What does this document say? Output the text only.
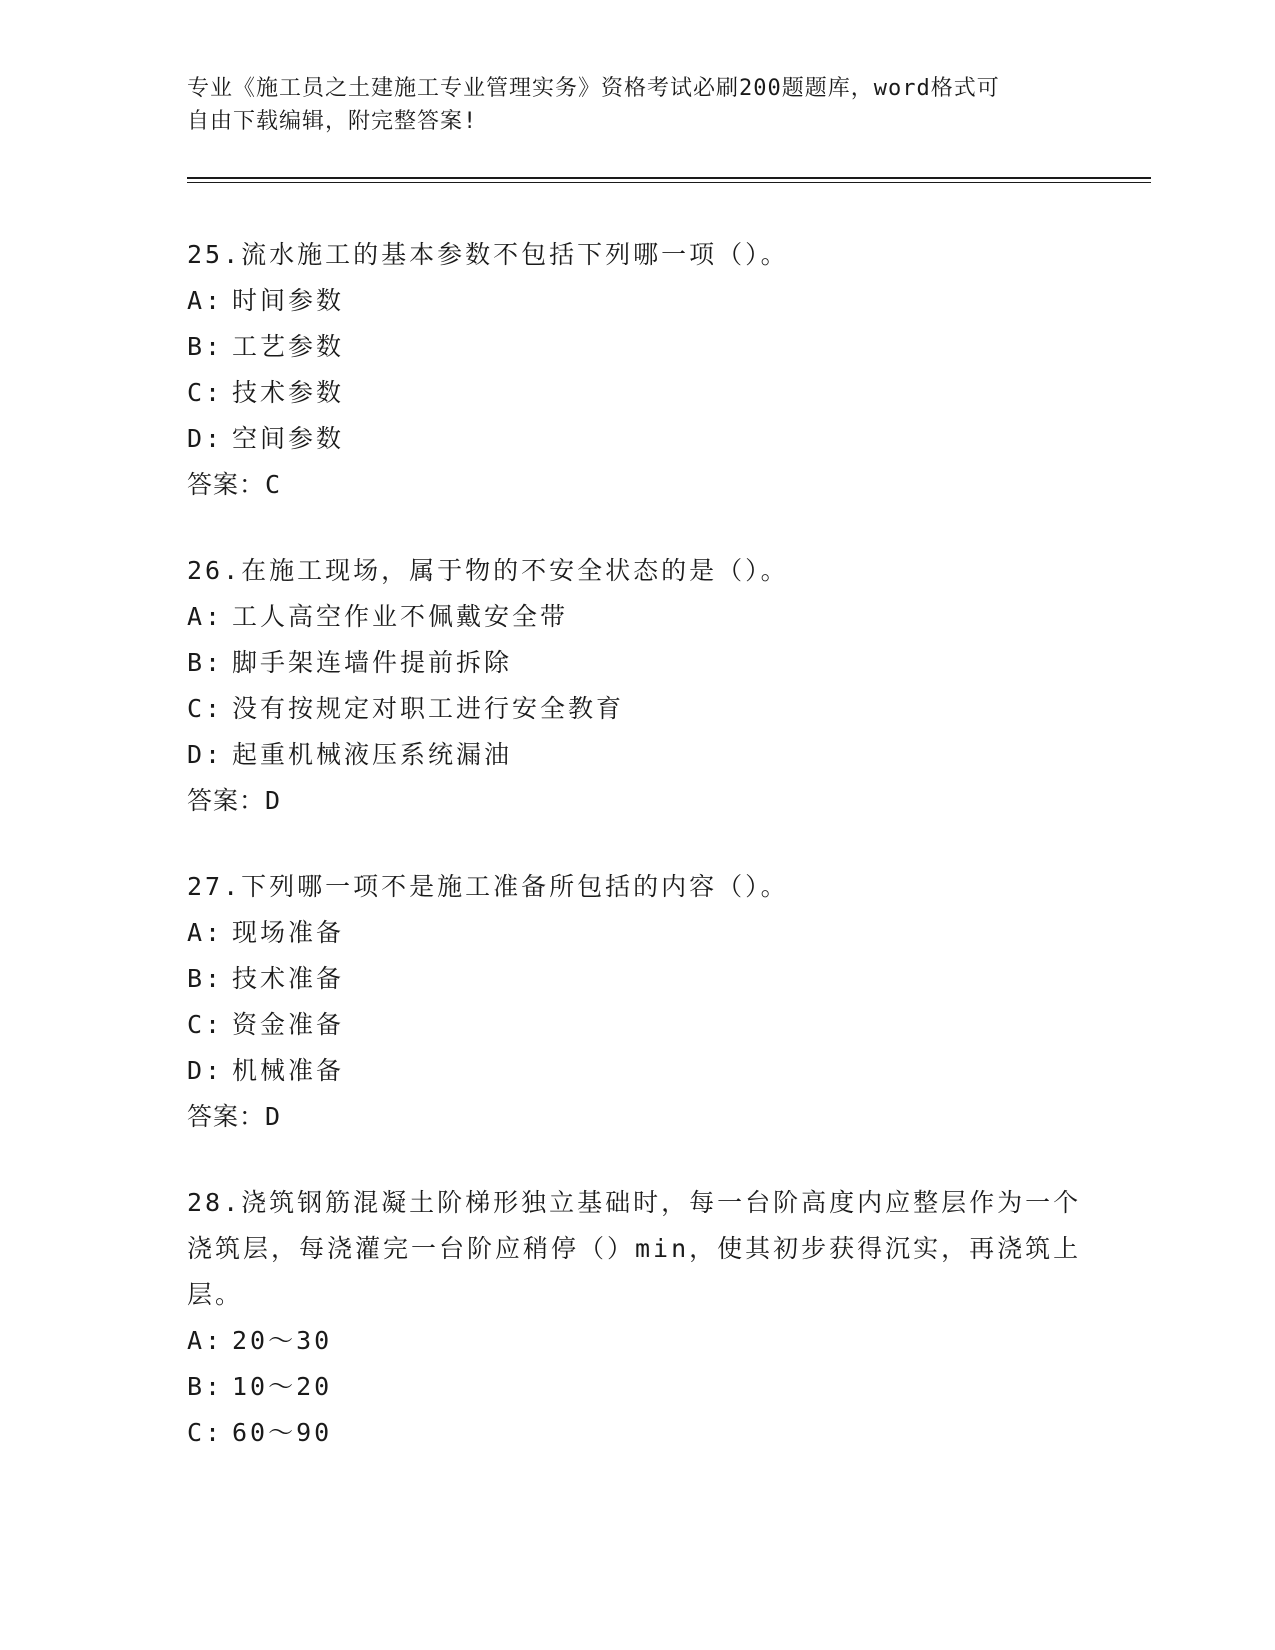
专业《施工员之土建施工专业管理实务》资格考试必刷200题题库，word格式可
自由下载编辑，附完整答案!

25.流水施工的基本参数不包括下列哪一项（）。

A: 时间参数
B: 工艺参数
C: 技术参数
D: 空间参数

答案：C

26.在施工现场，属于物的不安全状态的是（）。

A: 工人高空作业不佩戴安全带
B: 脚手架连墙件提前拆除
C: 没有按规定对职工进行安全教育
D: 起重机械液压系统漏油

答案：D

27.下列哪一项不是施工准备所包括的内容（）。

A: 现场准备
B: 技术准备
C: 资金准备
D: 机械准备

答案：D

28.浇筑钢筋混凝土阶梯形独立基础时，每一台阶高度内应整层作为一个浇筑层，每浇灌完一台阶应稍停（）min，使其初步获得沉实，再浇筑上层。

A: 20～30
B: 10～20
C: 60～90
